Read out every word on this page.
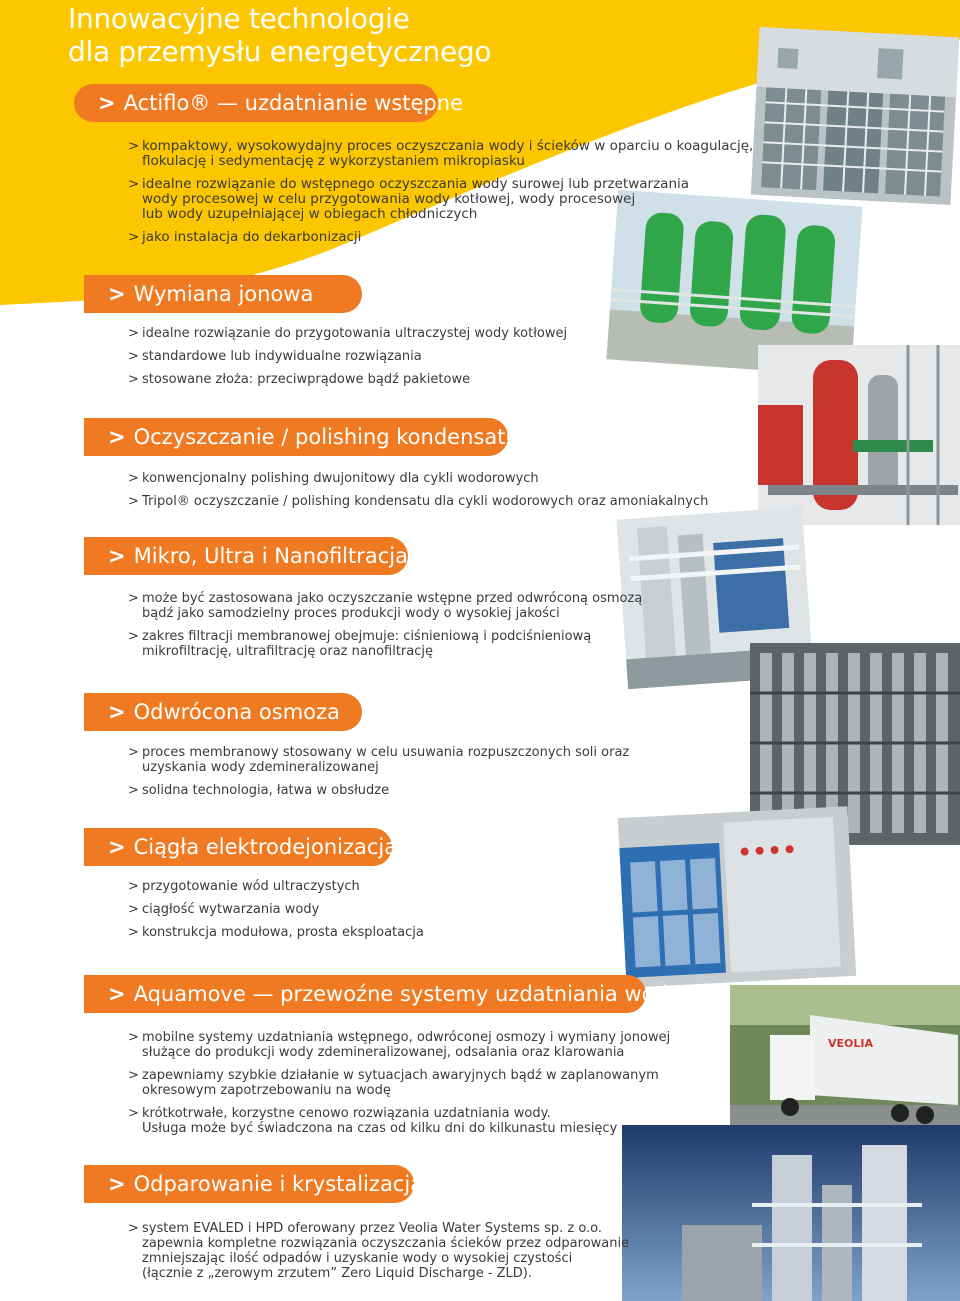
Innowacyjne technologie
dla przemysłu energetycznego
VEOLIA
> Actiflo® — uzdatnianie wstępne
> kompaktowy, wysokowydajny proces oczyszczania wody i ścieków w oparciu o koagulację,
flokulację i sedymentację z wykorzystaniem mikropiasku
> idealne rozwiązanie do wstępnego oczyszczania wody surowej lub przetwarzania
wody procesowej w celu przygotowania wody kotłowej, wody procesowej
lub wody uzupełniającej w obiegach chłodniczych
> jako instalacja do dekarbonizacji
> Wymiana jonowa
> idealne rozwiązanie do przygotowania ultraczystej wody kotłowej
> standardowe lub indywidualne rozwiązania
> stosowane złoża: przeciwprądowe bądź pakietowe
> Oczyszczanie / polishing kondensatu
> konwencjonalny polishing dwujonitowy dla cykli wodorowych
> Tripol® oczyszczanie / polishing kondensatu dla cykli wodorowych oraz amoniakalnych
> Mikro, Ultra i Nanofiltracja
> może być zastosowana jako oczyszczanie wstępne przed odwróconą osmozą
bądź jako samodzielny proces produkcji wody o wysokiej jakości
> zakres filtracji membranowej obejmuje: ciśnieniową i podciśnieniową
mikrofiltrację, ultrafiltrację oraz nanofiltrację
> Odwrócona osmoza
> proces membranowy stosowany w celu usuwania rozpuszczonych soli oraz
uzyskania wody zdemineralizowanej
> solidna technologia, łatwa w obsłudze
> Ciągła elektrodejonizacja
> przygotowanie wód ultraczystych
> ciągłość wytwarzania wody
> konstrukcja modułowa, prosta eksploatacja
> Aquamove — przewoźne systemy uzdatniania wody
> mobilne systemy uzdatniania wstępnego, odwróconej osmozy i wymiany jonowej
służące do produkcji wody zdemineralizowanej, odsalania oraz klarowania
> zapewniamy szybkie działanie w sytuacjach awaryjnych bądź w zaplanowanym
okresowym zapotrzebowaniu na wodę
> krótkotrwałe, korzystne cenowo rozwiązania uzdatniania wody.
Usługa może być świadczona na czas od kilku dni do kilkunastu miesięcy
> Odparowanie i krystalizacja
> system EVALED i HPD oferowany przez Veolia Water Systems sp. z o.o.
zapewnia kompletne rozwiązania oczyszczania ścieków przez odparowanie
zmniejszając ilość odpadów i uzyskanie wody o wysokiej czystości
(łącznie z „zerowym zrzutem” Zero Liquid Discharge - ZLD).
